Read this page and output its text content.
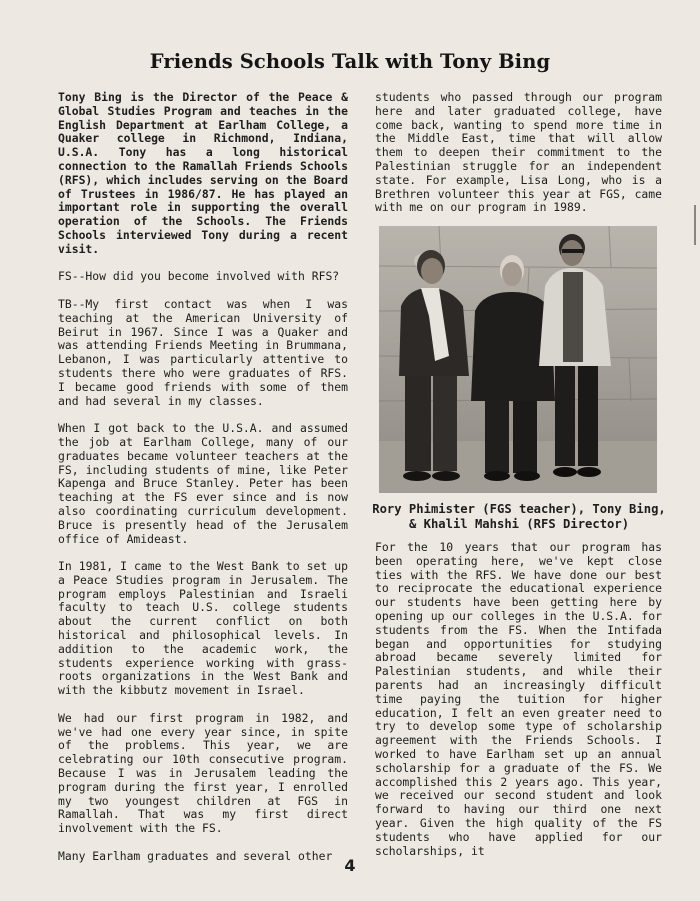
Friends Schools Talk with Tony Bing

Tony Bing is the Director of the Peace & Global Studies Program and teaches in the English Department at Earlham College, a Quaker college in Richmond, Indiana, U.S.A. Tony has a long historical connection to the Ramallah Friends Schools (RFS), which includes serving on the Board of Trustees in 1986/87. He has played an important role in supporting the overall operation of the Schools. The Friends Schools interviewed Tony during a recent visit.

FS--How did you become involved with RFS?

TB--My first contact was when I was teaching at the American University of Beirut in 1967. Since I was a Quaker and was attending Friends Meeting in Brummana, Lebanon, I was particularly attentive to students there who were graduates of RFS. I became good friends with some of them and had several in my classes.

When I got back to the U.S.A. and assumed the job at Earlham College, many of our graduates became volunteer teachers at the FS, including students of mine, like Peter Kapenga and Bruce Stanley. Peter has been teaching at the FS ever since and is now also coordinating curriculum development. Bruce is presently head of the Jerusalem office of Amideast.

In 1981, I came to the West Bank to set up a Peace Studies program in Jerusalem. The program employs Palestinian and Israeli faculty to teach U.S. college students about the current conflict on both historical and philosophical levels. In addition to the academic work, the students experience working with grass-roots organizations in the West Bank and with the kibbutz movement in Israel.

We had our first program in 1982, and we've had one every year since, in spite of the problems. This year, we are celebrating our 10th consecutive program. Because I was in Jerusalem leading the program during the first year, I enrolled my two youngest children at FGS in Ramallah. That was my first direct involvement with the FS.

Many Earlham graduates and several other

students who passed through our program here and later graduated college, have come back, wanting to spend more time in the Middle East, time that will allow them to deepen their commitment to the Palestinian struggle for an independent state. For example, Lisa Long, who is a Brethren volunteer this year at FGS, came with me on our program in 1989.

Rory Phimister (FGS teacher), Tony Bing, & Khalil Mahshi (RFS Director)

For the 10 years that our program has been operating here, we've kept close ties with the RFS. We have done our best to reciprocate the educational experience our students have been getting here by opening up our colleges in the U.S.A. for students from the FS. When the Intifada began and opportunities for studying abroad became severely limited for Palestinian students, and while their parents had an increasingly difficult time paying the tuition for higher education, I felt an even greater need to try to develop some type of scholarship agreement with the Friends Schools. I worked to have Earlham set up an annual scholarship for a graduate of the FS. We accomplished this 2 years ago. This year, we received our second student and look forward to having our third one next year. Given the high quality of the FS students who have applied for our scholarships, it

4
